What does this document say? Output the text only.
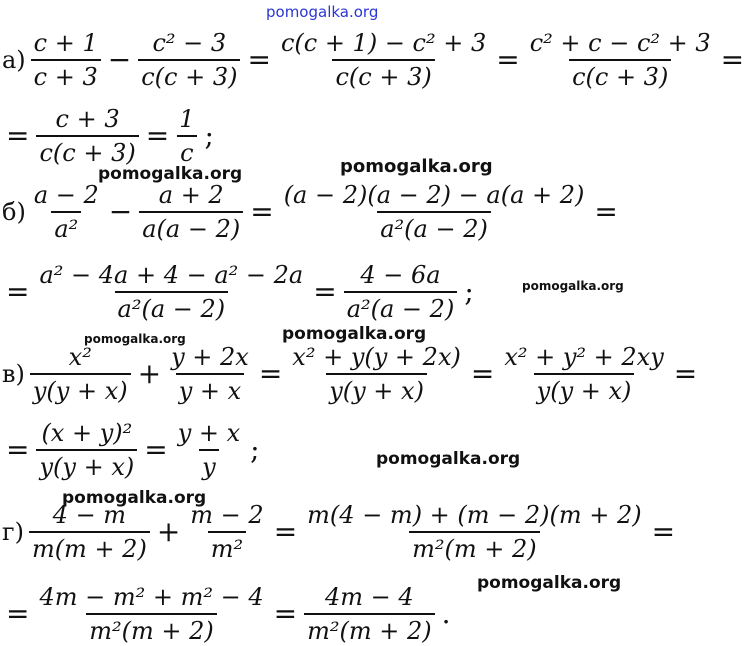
pomogalka.org
pomogalka.org	pomogalka.org
pomogalka.org
pomogalka.org	pomogalka.org
pomogalka.org
pomogalka.org
pomogalka.org
$а) \frac{c + 1}{c + 3} - \frac{\text{c² − 3}}{c(c + 3)} = \frac{\text{c(c + 1) − c² + 3}}{c(c + 3)} = \frac{\text{c² + c − c² + 3}}{c(c + 3)}$ =
= $\frac{c + 3}{c(c + 3)} = \frac{1}{c}$ ;
$б) \frac{a - 2}{\text{a²}} - \frac{a + 2}{a(a - 2)} = \frac{(a - 2)(a - 2) - a(a + 2)}{\text{a²(a − 2)}}$ =
= $\frac{\text{a² − 4a + 4 − a² − 2a}}{\text{a²(a − 2)}} = \frac{4 - 6a}{\text{a²(a − 2)}}$ ;
$в) \frac{\text{x²}}{y(y + x)} + \frac{y + 2x}{y + x} = \frac{\text{x² + y(y + 2x)}}{y(y + x)} = \frac{\text{x² + y² + 2xy}}{y(y + x)}$ =
= $\frac{\text{(x + y)²}}{y(y + x)} = \frac{y + x}{y}$ ;
$г) \frac{4 - m}{m(m + 2)} + \frac{m - 2}{\text{m²}} = \frac{m(4 - m) + (m - 2)(m + 2)}{\text{m²(m + 2)}}$ =
= $\frac{\text{4m − m² + m² − 4}}{\text{m²(m + 2)}} = \frac{4m - 4}{\text{m²(m + 2)}}$ .
